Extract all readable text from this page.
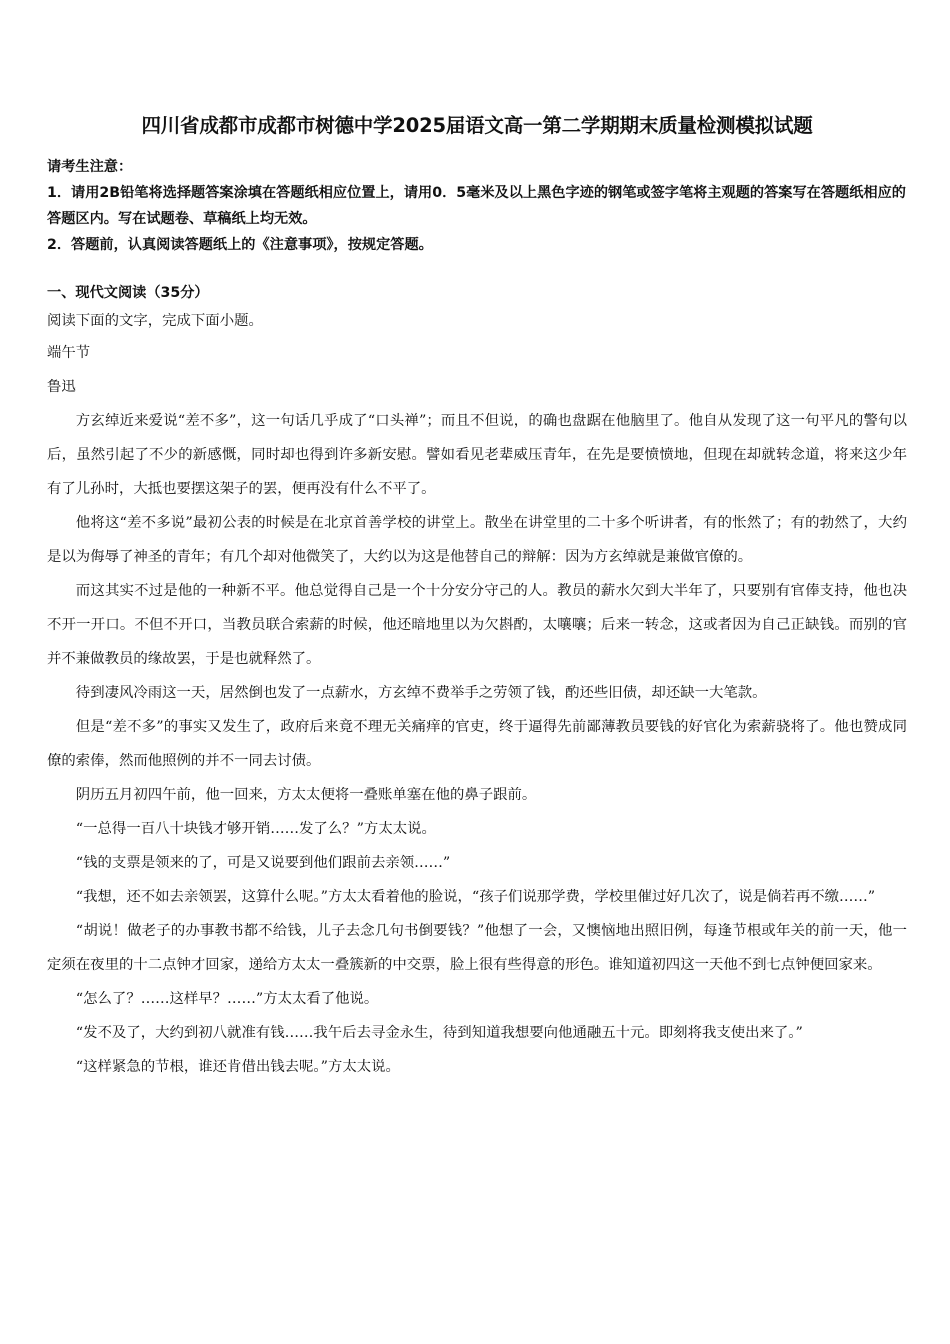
四川省成都市成都市树德中学2025届语文高一第二学期期末质量检测模拟试题

请考生注意：

1．请用2B铅笔将选择题答案涂填在答题纸相应位置上，请用0．5毫米及以上黑色字迹的钢笔或签字笔将主观题的答案写在答题纸相应的答题区内。写在试题卷、草稿纸上均无效。

2．答题前，认真阅读答题纸上的《注意事项》，按规定答题。

一、现代文阅读（35分）

阅读下面的文字，完成下面小题。

端午节

鲁迅

方玄绰近来爱说“差不多”，这一句话几乎成了“口头禅”；而且不但说，的确也盘踞在他脑里了。他自从发现了这一句平凡的警句以后，虽然引起了不少的新感慨，同时却也得到许多新安慰。譬如看见老辈威压青年，在先是要愤愤地，但现在却就转念道，将来这少年有了儿孙时，大抵也要摆这架子的罢，便再没有什么不平了。

他将这“差不多说”最初公表的时候是在北京首善学校的讲堂上。散坐在讲堂里的二十多个听讲者，有的怅然了；有的勃然了，大约是以为侮辱了神圣的青年；有几个却对他微笑了，大约以为这是他替自己的辩解：因为方玄绰就是兼做官僚的。

而这其实不过是他的一种新不平。他总觉得自己是一个十分安分守己的人。教员的薪水欠到大半年了，只要别有官俸支持，他也决不开一开口。不但不开口，当教员联合索薪的时候，他还暗地里以为欠斟酌，太嚷嚷；后来一转念，这或者因为自己正缺钱。而别的官并不兼做教员的缘故罢，于是也就释然了。

待到凄风冷雨这一天，居然倒也发了一点薪水，方玄绰不费举手之劳领了钱，酌还些旧债，却还缺一大笔款。

但是“差不多”的事实又发生了，政府后来竟不理无关痛痒的官吏，终于逼得先前鄙薄教员要钱的好官化为索薪骁将了。他也赞成同僚的索俸，然而他照例的并不一同去讨债。

阴历五月初四午前，他一回来，方太太便将一叠账单塞在他的鼻子跟前。

“一总得一百八十块钱才够开销……发了么？”方太太说。

“钱的支票是领来的了，可是又说要到他们跟前去亲领……”

“我想，还不如去亲领罢，这算什么呢。”方太太看着他的脸说，“孩子们说那学费，学校里催过好几次了，说是倘若再不缴……”

“胡说！做老子的办事教书都不给钱，儿子去念几句书倒要钱？”他想了一会，又懊恼地出照旧例，每逢节根或年关的前一天，他一定须在夜里的十二点钟才回家，递给方太太一叠簇新的中交票，脸上很有些得意的形色。谁知道初四这一天他不到七点钟便回家来。

“怎么了？……这样早？……”方太太看了他说。

“发不及了，大约到初八就准有钱……我午后去寻金永生，待到知道我想要向他通融五十元。即刻将我支使出来了。”

“这样紧急的节根，谁还肯借出钱去呢。”方太太说。
